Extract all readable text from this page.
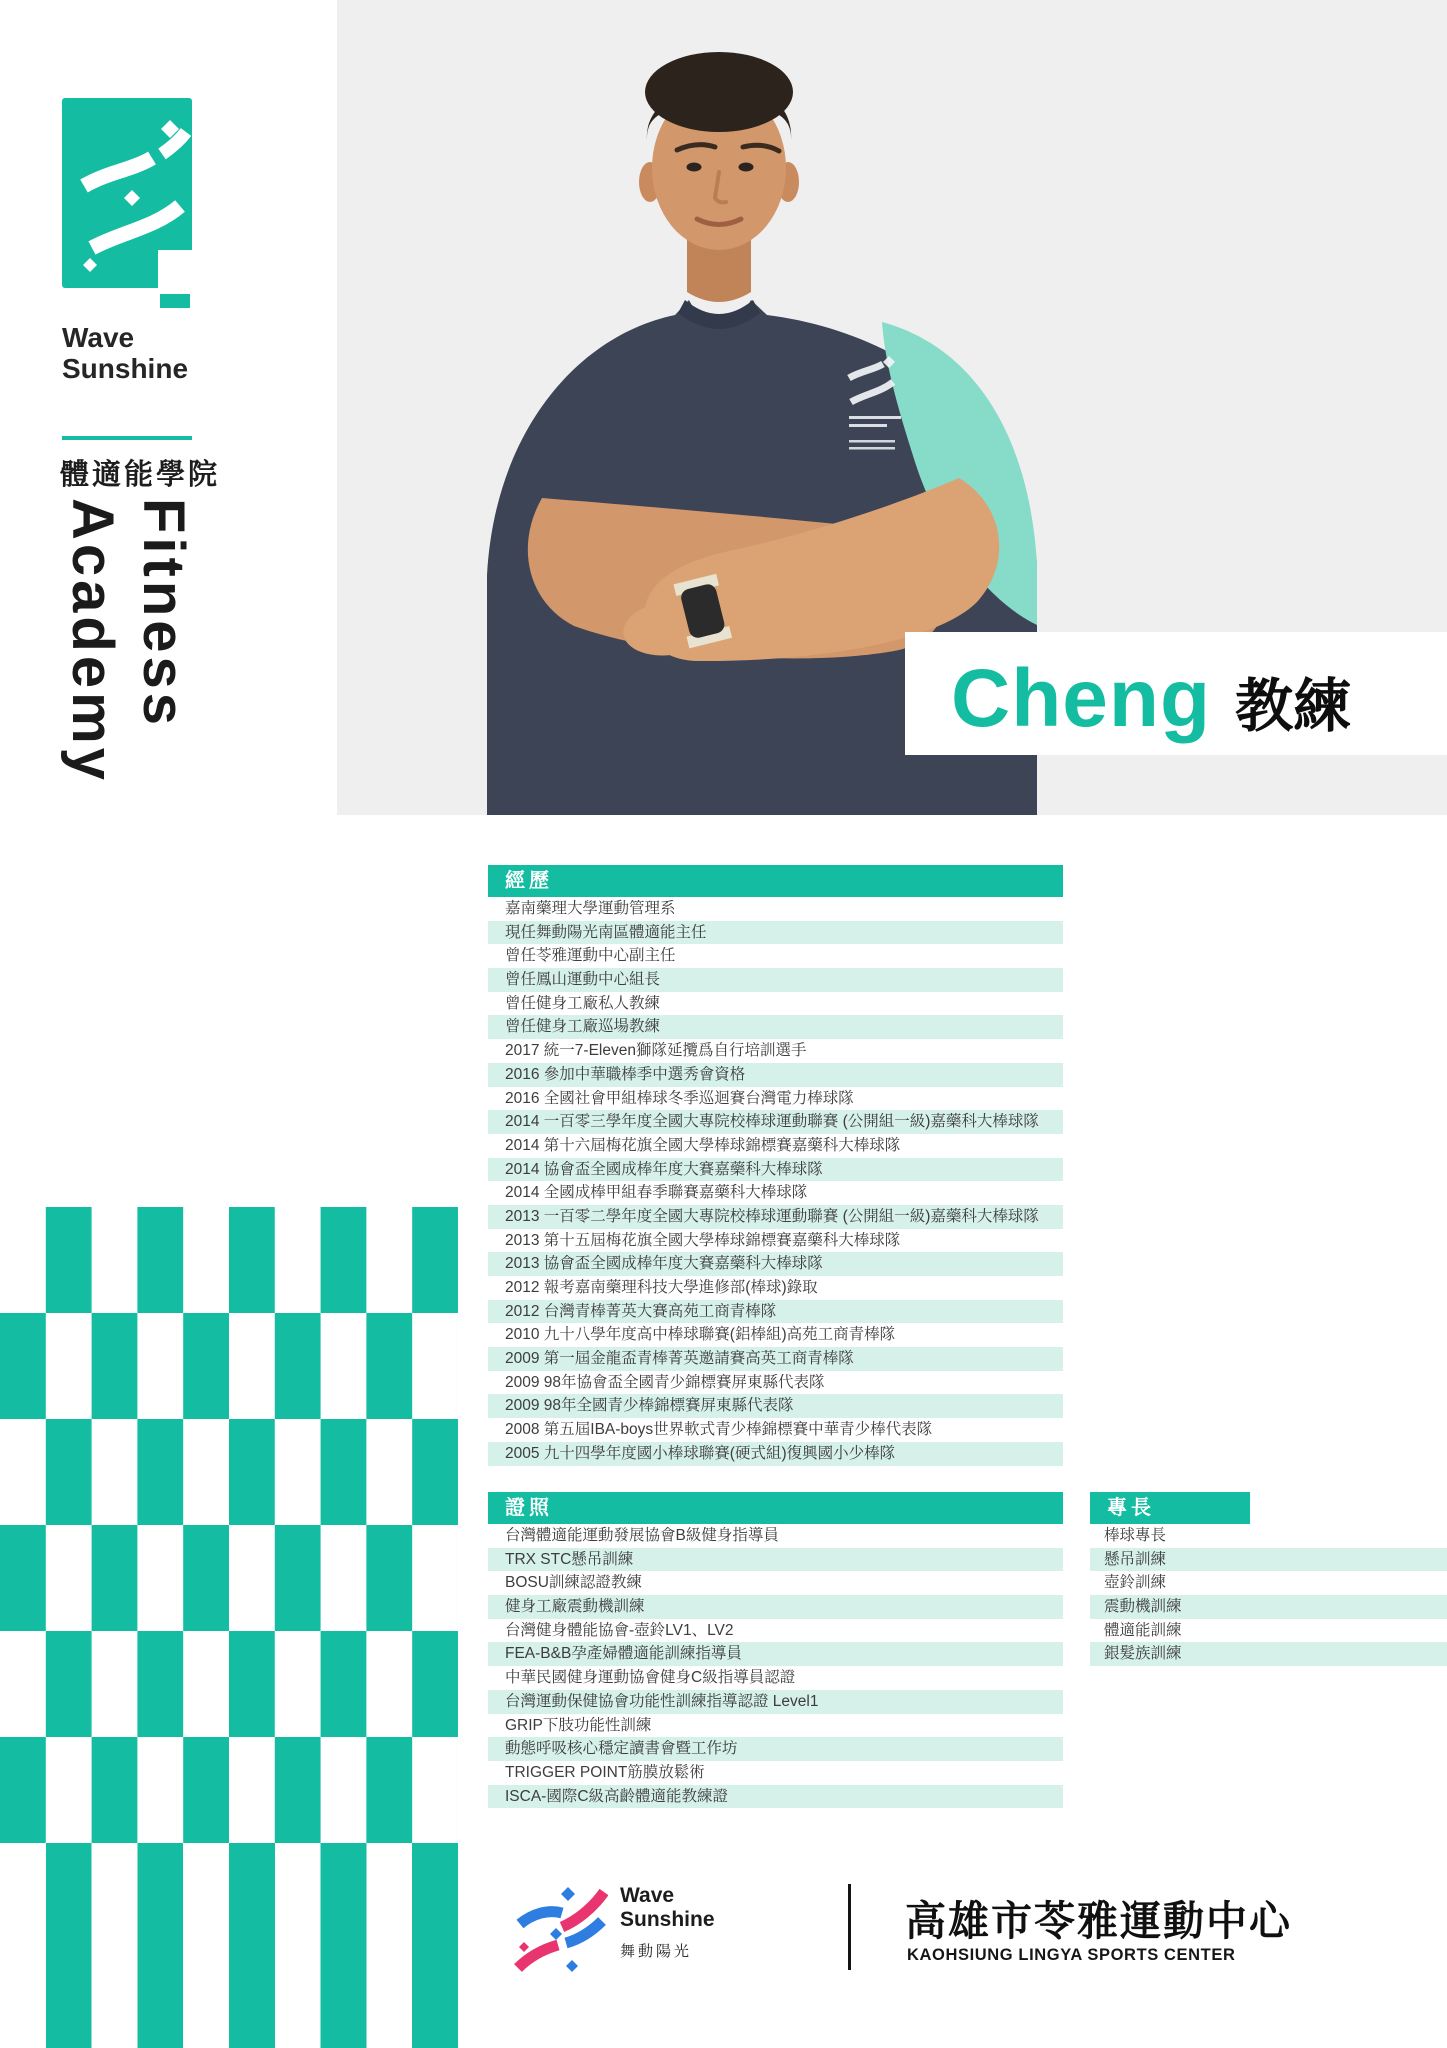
Cheng 教練
Wave
Sunshine
體適能學院
Fitness
Academy
經歷
嘉南藥理大學運動管理系
現任舞動陽光南區體適能主任
曾任苓雅運動中心副主任
曾任鳳山運動中心組長
曾任健身工廠私人教練
曾任健身工廠巡場教練
2017 統一7-Eleven獅隊延攬爲自行培訓選手
2016 參加中華職棒季中選秀會資格
2016 全國社會甲組棒球冬季巡迴賽台灣電力棒球隊
2014 一百零三學年度全國大專院校棒球運動聯賽 (公開組一級)嘉藥科大棒球隊
2014 第十六屆梅花旗全國大學棒球錦標賽嘉藥科大棒球隊
2014 協會盃全國成棒年度大賽嘉藥科大棒球隊
2014 全國成棒甲組春季聯賽嘉藥科大棒球隊
2013 一百零二學年度全國大專院校棒球運動聯賽 (公開組一級)嘉藥科大棒球隊
2013 第十五屆梅花旗全國大學棒球錦標賽嘉藥科大棒球隊
2013 協會盃全國成棒年度大賽嘉藥科大棒球隊
2012 報考嘉南藥理科技大學進修部(棒球)錄取
2012 台灣青棒菁英大賽高苑工商青棒隊
2010 九十八學年度高中棒球聯賽(鋁棒組)高苑工商青棒隊
2009 第一屆金龍盃青棒菁英邀請賽高英工商青棒隊
2009 98年協會盃全國青少錦標賽屏東縣代表隊
2009 98年全國青少棒錦標賽屏東縣代表隊
2008 第五屆IBA-boys世界軟式青少棒錦標賽中華青少棒代表隊
2005 九十四學年度國小棒球聯賽(硬式組)復興國小少棒隊
證照
台灣體適能運動發展協會B級健身指導員
TRX STC懸吊訓練
BOSU訓練認證教練
健身工廠震動機訓練
台灣健身體能協會-壺鈴LV1、LV2
FEA-B&B孕產婦體適能訓練指導員
中華民國健身運動協會健身C級指導員認證
台灣運動保健協會功能性訓練指導認證 Level1
GRIP下肢功能性訓練
動態呼吸核心穩定讀書會暨工作坊
TRIGGER POINT筋膜放鬆術
ISCA-國際C級高齡體適能教練證
專長
棒球專長
懸吊訓練
壺鈴訓練
震動機訓練
體適能訓練
銀髮族訓練
Wave
Sunshine
舞動陽光
高雄市苓雅運動中心
KAOHSIUNG LINGYA SPORTS CENTER
